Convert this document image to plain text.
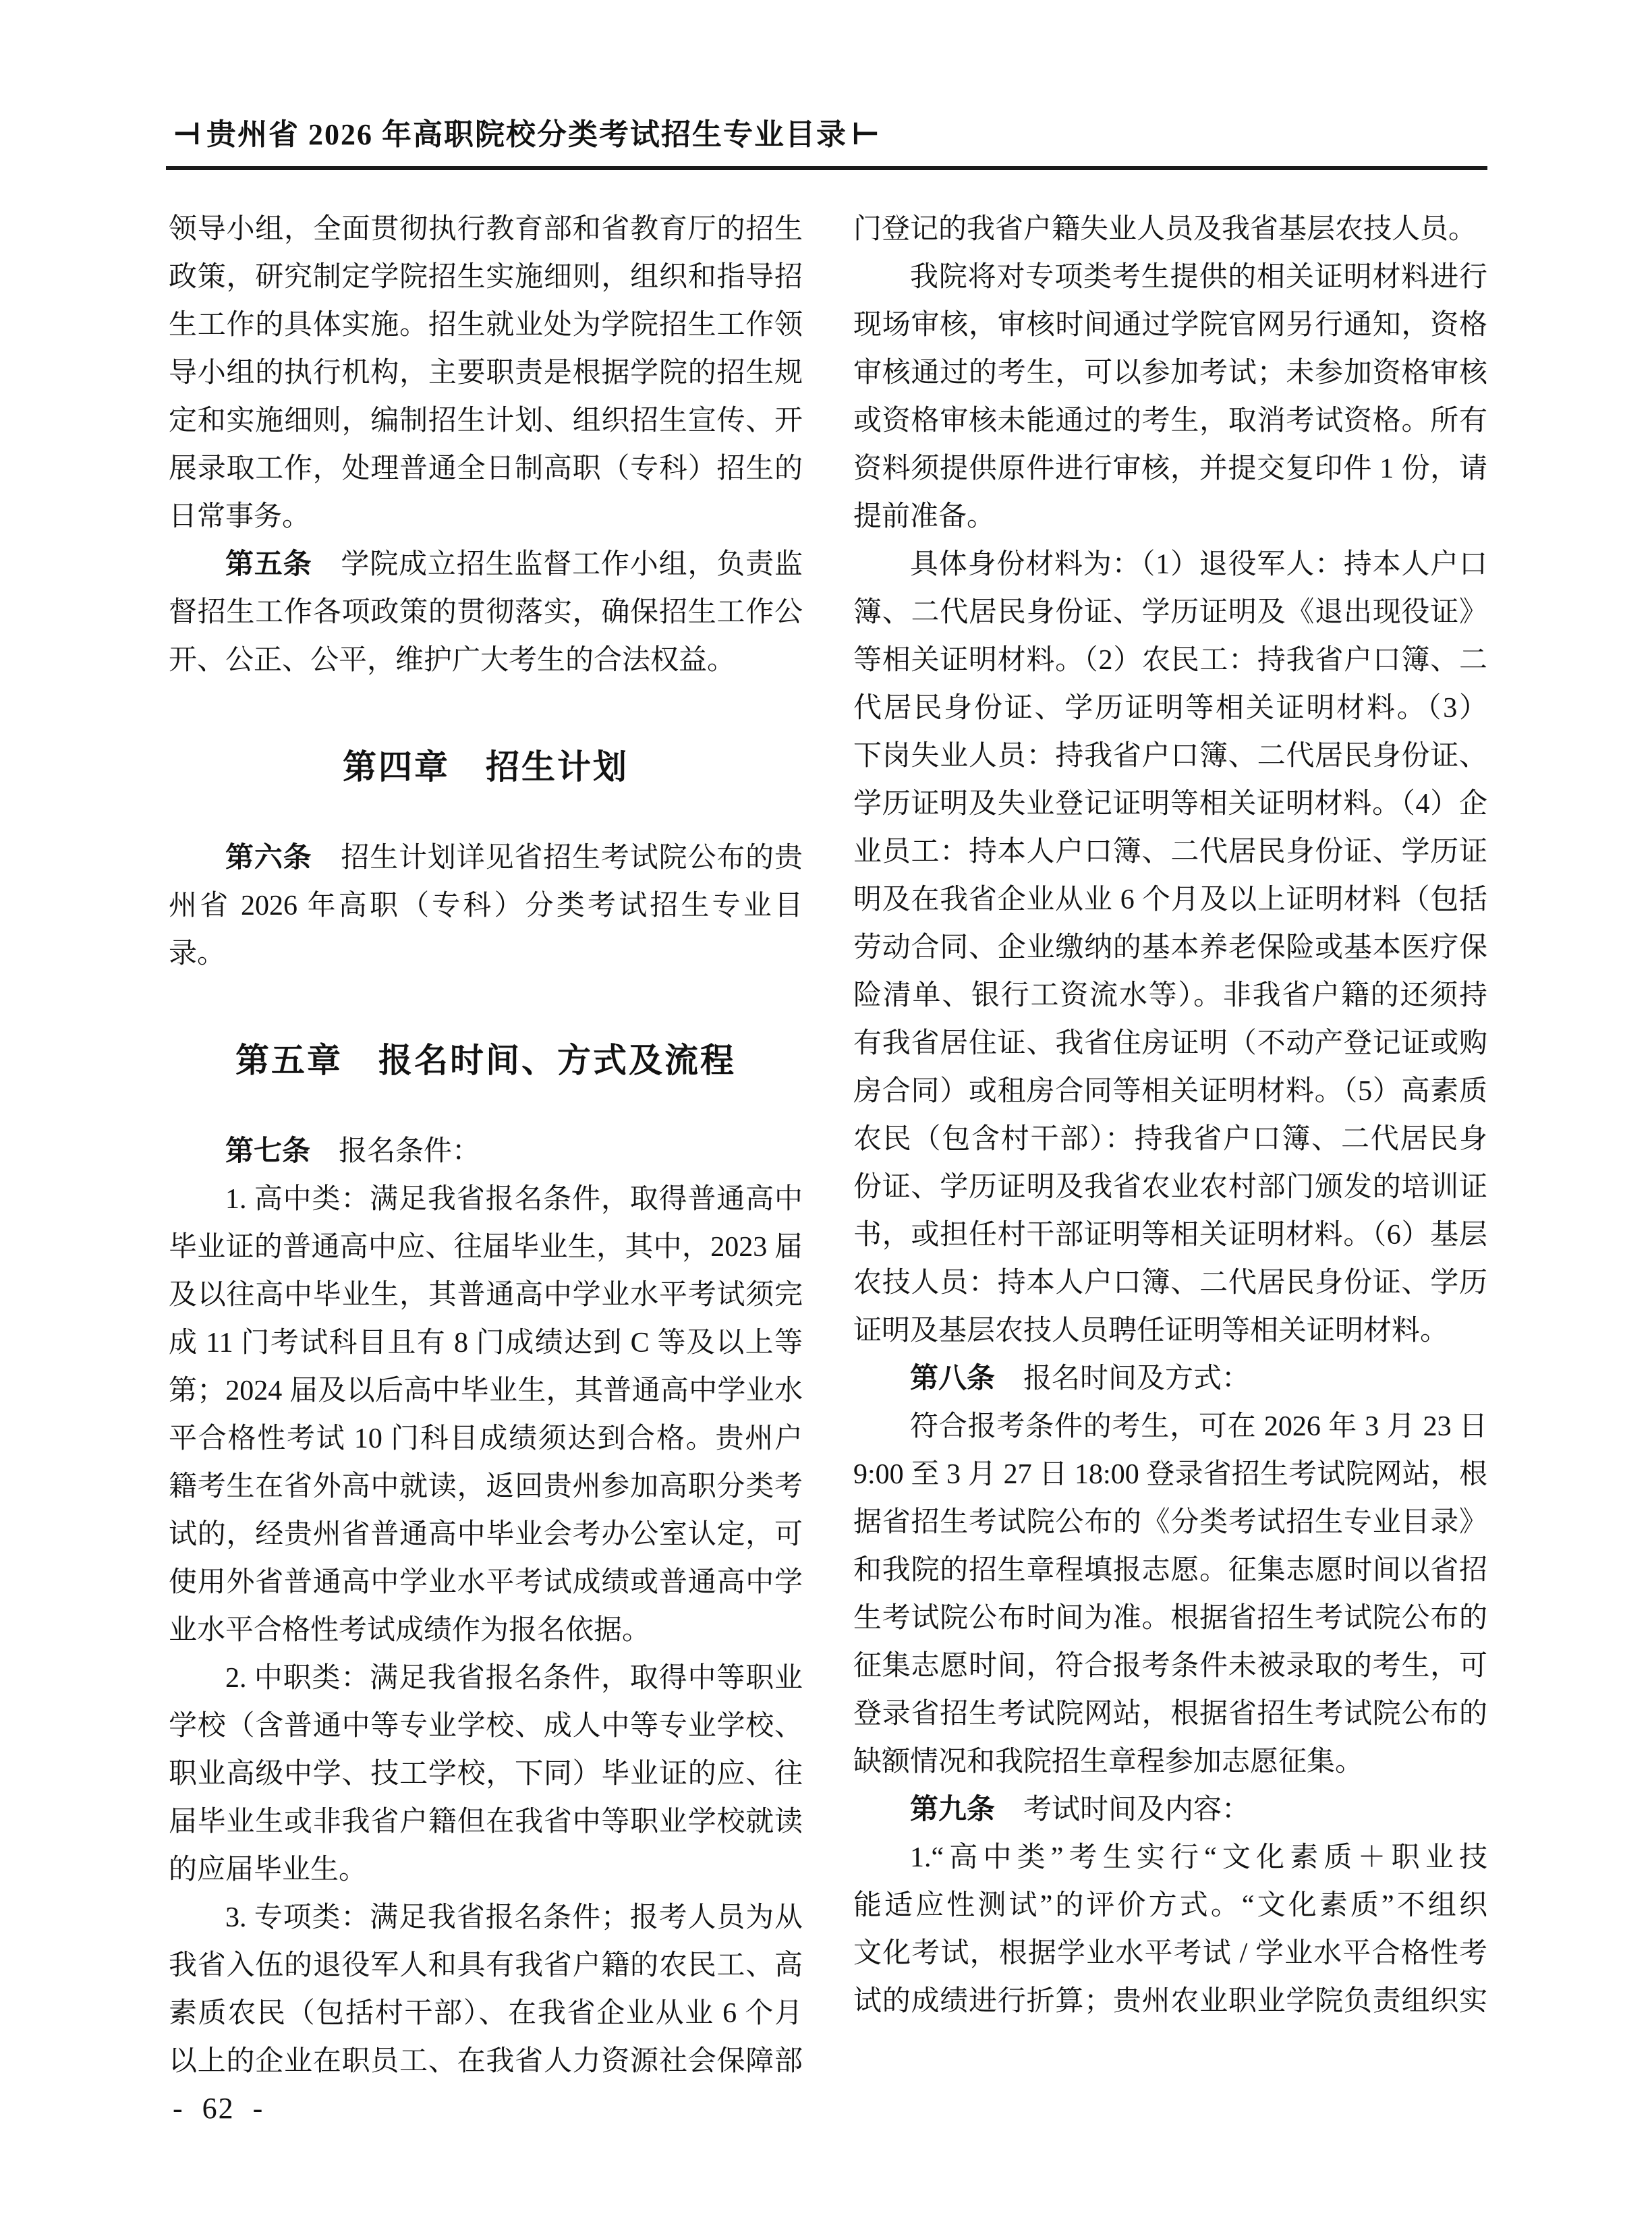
⊣ 贵州省 2026 年高职院校分类考试招生专业目录 ⊢
领导小组，全面贯彻执行教育部和省教育厅的招生
政策，研究制定学院招生实施细则，组织和指导招
生工作的具体实施。招生就业处为学院招生工作领
导小组的执行机构，主要职责是根据学院的招生规
定和实施细则，编制招生计划、组织招生宣传、开
展录取工作，处理普通全日制高职（专科）招生的
日常事务。
第五条　学院成立招生监督工作小组，负责监
督招生工作各项政策的贯彻落实，确保招生工作公
开、公正、公平，维护广大考生的合法权益。
第四章　招生计划
第六条　招生计划详见省招生考试院公布的贵
州省 2026 年高职（专科）分类考试招生专业目录。
第五章　报名时间、方式及流程
第七条　报名条件：
1. 高中类：满足我省报名条件，取得普通高中
毕业证的普通高中应、往届毕业生，其中，2023 届
及以往高中毕业生，其普通高中学业水平考试须完
成 11 门考试科目且有 8 门成绩达到 C 等及以上等
第；2024 届及以后高中毕业生，其普通高中学业水
平合格性考试 10 门科目成绩须达到合格。贵州户
籍考生在省外高中就读，返回贵州参加高职分类考
试的，经贵州省普通高中毕业会考办公室认定，可
使用外省普通高中学业水平考试成绩或普通高中学
业水平合格性考试成绩作为报名依据。
2. 中职类：满足我省报名条件，取得中等职业
学校（含普通中等专业学校、成人中等专业学校、
职业高级中学、技工学校，下同）毕业证的应、往
届毕业生或非我省户籍但在我省中等职业学校就读
的应届毕业生。
3. 专项类：满足我省报名条件；报考人员为从
我省入伍的退役军人和具有我省户籍的农民工、高
素质农民（包括村干部）、在我省企业从业 6 个月
以上的企业在职员工、在我省人力资源社会保障部
门登记的我省户籍失业人员及我省基层农技人员。
我院将对专项类考生提供的相关证明材料进行
现场审核，审核时间通过学院官网另行通知，资格
审核通过的考生，可以参加考试；未参加资格审核
或资格审核未能通过的考生，取消考试资格。所有
资料须提供原件进行审核，并提交复印件 1 份，请
提前准备。
具体身份材料为：（1）退役军人：持本人户口
簿、二代居民身份证、学历证明及《退出现役证》
等相关证明材料。（2）农民工：持我省户口簿、二
代居民身份证、学历证明等相关证明材料。（3）
下岗失业人员：持我省户口簿、二代居民身份证、
学历证明及失业登记证明等相关证明材料。（4）企
业员工：持本人户口簿、二代居民身份证、学历证
明及在我省企业从业 6 个月及以上证明材料（包括
劳动合同、企业缴纳的基本养老保险或基本医疗保
险清单、银行工资流水等）。非我省户籍的还须持
有我省居住证、我省住房证明（不动产登记证或购
房合同）或租房合同等相关证明材料。（5）高素质
农民（包含村干部）：持我省户口簿、二代居民身
份证、学历证明及我省农业农村部门颁发的培训证
书，或担任村干部证明等相关证明材料。（6）基层
农技人员：持本人户口簿、二代居民身份证、学历
证明及基层农技人员聘任证明等相关证明材料。
第八条　报名时间及方式：
符合报考条件的考生，可在 2026 年 3 月 23 日
9:00 至 3 月 27 日 18:00 登录省招生考试院网站，根
据省招生考试院公布的《分类考试招生专业目录》
和我院的招生章程填报志愿。征集志愿时间以省招
生考试院公布时间为准。根据省招生考试院公布的
征集志愿时间，符合报考条件未被录取的考生，可
登录省招生考试院网站，根据省招生考试院公布的
缺额情况和我院招生章程参加志愿征集。
第九条　考试时间及内容：
1.“高中类”考生实行“文化素质＋职业技
能适应性测试”的评价方式。“文化素质”不组织
文化考试，根据学业水平考试 / 学业水平合格性考
试的成绩进行折算；贵州农业职业学院负责组织实
- 62 -
